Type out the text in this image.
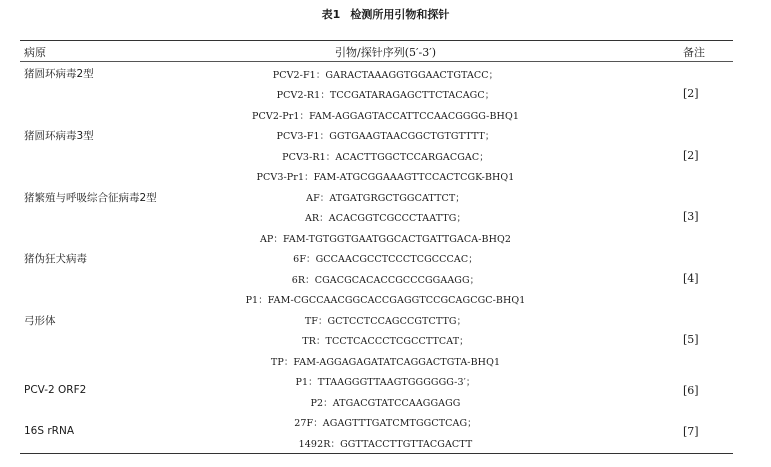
表1 检测所用引物和探针
病原	引物/探针序列(5′-3′)	备注
猪圆环病毒2型
猪圆环病毒3型
猪繁殖与呼吸综合征病毒2型
猪伪狂犬病毒
弓形体
PCV-2 ORF2
16S rRNA
PCV2-F1：GARACTAAAGGTGGAACTGTACC；
PCV2-R1：TCCGATARAGAGCTTCTACAGC；
PCV2-Pr1：FAM-AGGAGTACCATTCCAACGGGG-BHQ1
PCV3-F1：GGTGAAGTAACGGCTGTGTTTT；
PCV3-R1：ACACTTGGCTCCARGACGAC；
PCV3-Pr1：FAM-ATGCGGAAAGTTCCACTCGK-BHQ1
AF：ATGATGRGCTGGCATTCT；
AR：ACACGGTCGCCCTAATTG；
AP：FAM-TGTGGTGAATGGCACTGATTGACA-BHQ2
6F：GCCAACGCCTCCCTCGCCCAC；
6R：CGACGCACACCGCCCGGAAGG；
P1：FAM-CGCCAACGGCACCGAGGTCCGCAGCGC-BHQ1
TF：GCTCCTCCAGCCGTCTTG；
TR：TCCTCACCCTCGCCTTCAT；
TP：FAM-AGGAGAGATATCAGGACTGTA-BHQ1
P1：TTAAGGGTTAAGTGGGGGG-3′；
P2：ATGACGTATCCAAGGAGG
27F：AGAGTTTGATCMTGGCTCAG；
1492R：GGTTACCTTGTTACGACTT
[2]
[2]
[3]
[4]
[5]
[6]
[7]
